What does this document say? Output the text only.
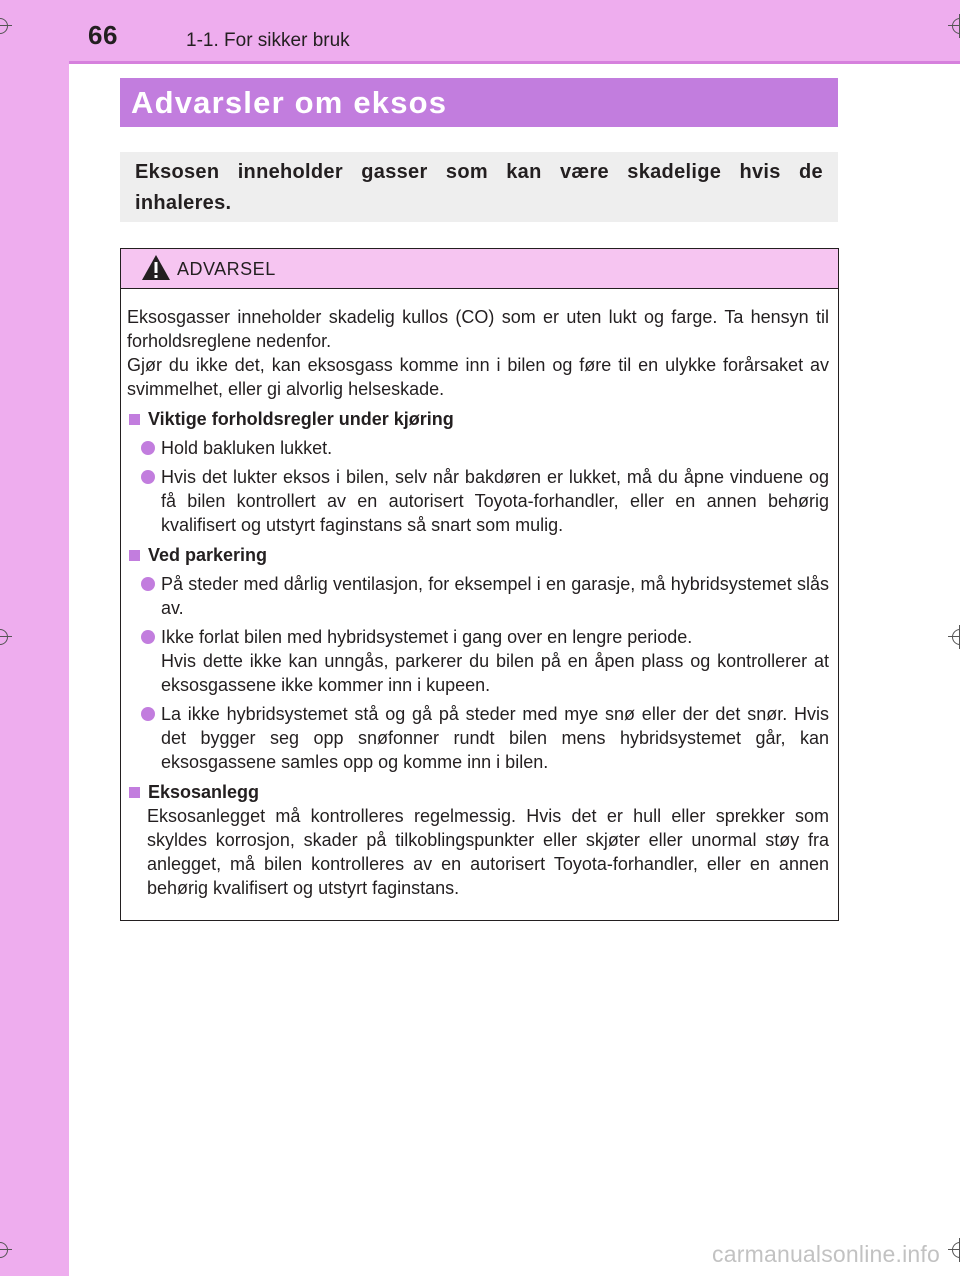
66	1-1. For sikker bruk
Advarsler om eksos
Eksosen inneholder gasser som kan være skadelige hvis de inhaleres.
ADVARSEL

Eksosgasser inneholder skadelig kullos (CO) som er uten lukt og farge. Ta hensyn til forholdsreglene nedenfor.

Gjør du ikke det, kan eksosgass komme inn i bilen og føre til en ulykke forårsaket av svimmelhet, eller gi alvorlig helseskade.

Viktige forholdsregler under kjøring
Hold bakluken lukket.
Hvis det lukter eksos i bilen, selv når bakdøren er lukket, må du åpne vinduene og få bilen kontrollert av en autorisert Toyota-forhandler, eller en annen behørig kvalifisert og utstyrt faginstans så snart som mulig.
Ved parkering
På steder med dårlig ventilasjon, for eksempel i en garasje, må hybridsystemet slås av.
Ikke forlat bilen med hybridsystemet i gang over en lengre periode.
Hvis dette ikke kan unngås, parkerer du bilen på en åpen plass og kontrollerer at eksosgassene ikke kommer inn i kupeen.
La ikke hybridsystemet stå og gå på steder med mye snø eller der det snør. Hvis det bygger seg opp snøfonner rundt bilen mens hybridsystemet går, kan eksosgassene samles opp og komme inn i bilen.
Eksosanlegg
Eksosanlegget må kontrolleres regelmessig. Hvis det er hull eller sprekker som skyldes korrosjon, skader på tilkoblingspunkter eller skjøter eller unormal støy fra anlegget, må bilen kontrolleres av en autorisert Toyota-forhandler, eller en annen behørig kvalifisert og utstyrt faginstans.
carmanualsonline.info
